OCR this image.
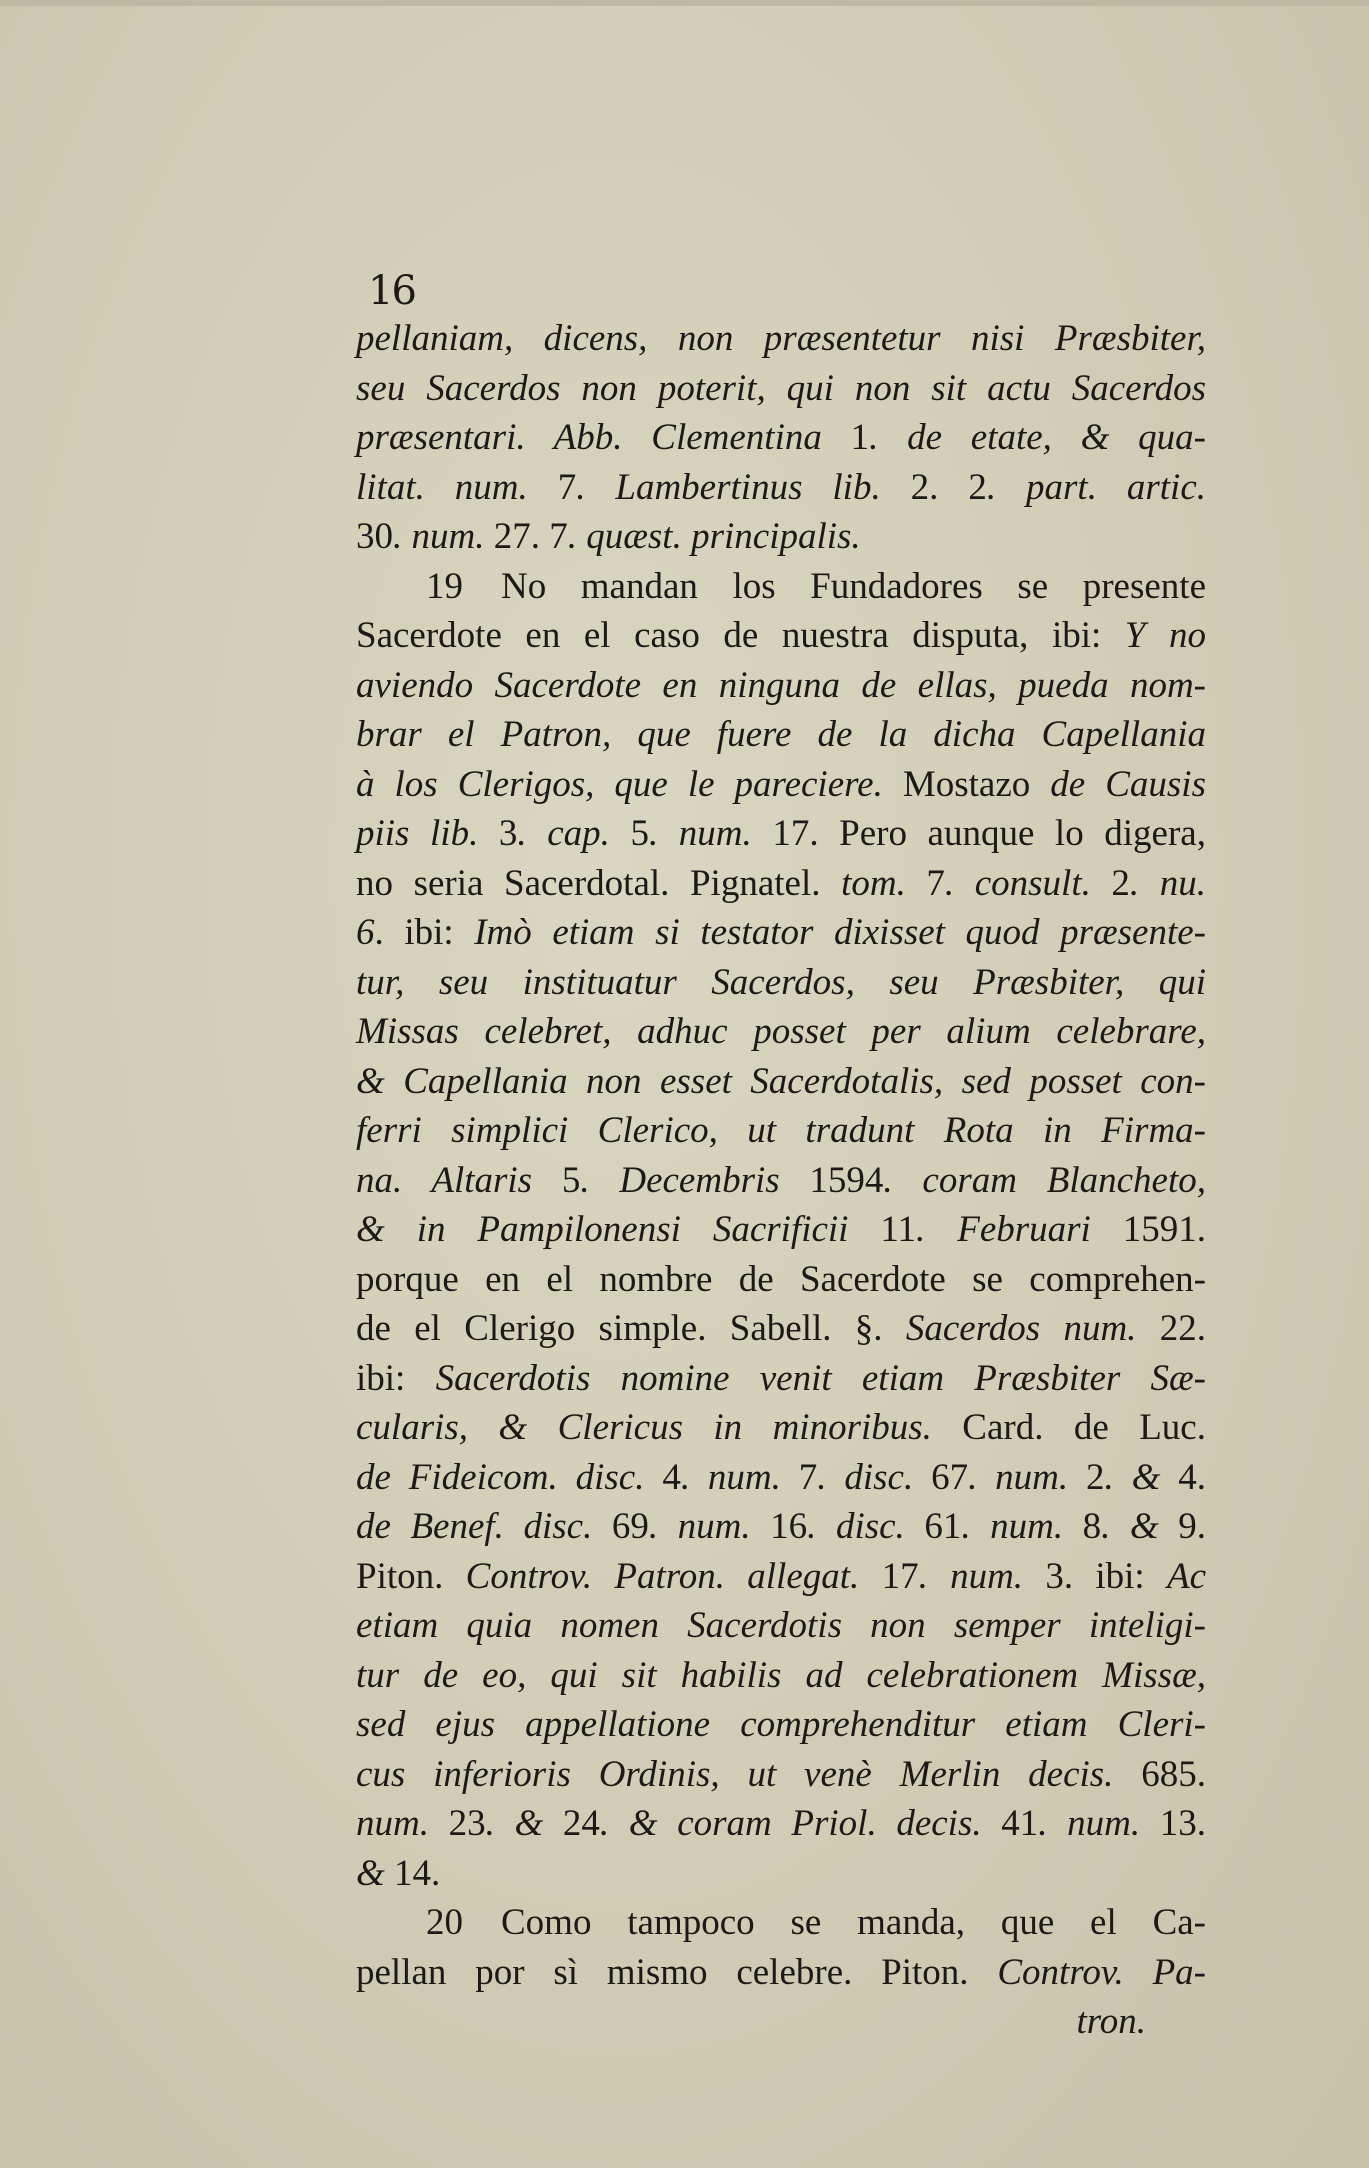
16
pellaniam, dicens, non præsentetur nisi Præsbiter,
seu Sacerdos non poterit, qui non sit actu Sacerdos
præsentari. Abb. Clementina 1. de etate, & qua-
litat. num. 7. Lambertinus lib. 2. 2. part. artic.
30. num. 27. 7. quæst. principalis.
19 No mandan los Fundadores se presente
Sacerdote en el caso de nuestra disputa, ibi: Y no
aviendo Sacerdote en ninguna de ellas, pueda nom-
brar el Patron, que fuere de la dicha Capellania
à los Clerigos, que le pareciere. Mostazo de Causis
piis lib. 3. cap. 5. num. 17. Pero aunque lo digera,
no seria Sacerdotal. Pignatel. tom. 7. consult. 2. nu.
6. ibi: Imò etiam si testator dixisset quod præsente-
tur, seu instituatur Sacerdos, seu Præsbiter, qui
Missas celebret, adhuc posset per alium celebrare,
& Capellania non esset Sacerdotalis, sed posset con-
ferri simplici Clerico, ut tradunt Rota in Firma-
na. Altaris 5. Decembris 1594. coram Blancheto,
& in Pampilonensi Sacrificii 11. Februari 1591.
porque en el nombre de Sacerdote se comprehen-
de el Clerigo simple. Sabell. §. Sacerdos num. 22.
ibi: Sacerdotis nomine venit etiam Præsbiter Sæ-
cularis, & Clericus in minoribus. Card. de Luc.
de Fideicom. disc. 4. num. 7. disc. 67. num. 2. & 4.
de Benef. disc. 69. num. 16. disc. 61. num. 8. & 9.
Piton. Controv. Patron. allegat. 17. num. 3. ibi: Ac
etiam quia nomen Sacerdotis non semper inteligi-
tur de eo, qui sit habilis ad celebrationem Missæ,
sed ejus appellatione comprehenditur etiam Cleri-
cus inferioris Ordinis, ut venè Merlin decis. 685.
num. 23. & 24. & coram Priol. decis. 41. num. 13.
& 14.
20 Como tampoco se manda, que el Ca-
pellan por sì mismo celebre. Piton. Controv. Pa-
tron.
